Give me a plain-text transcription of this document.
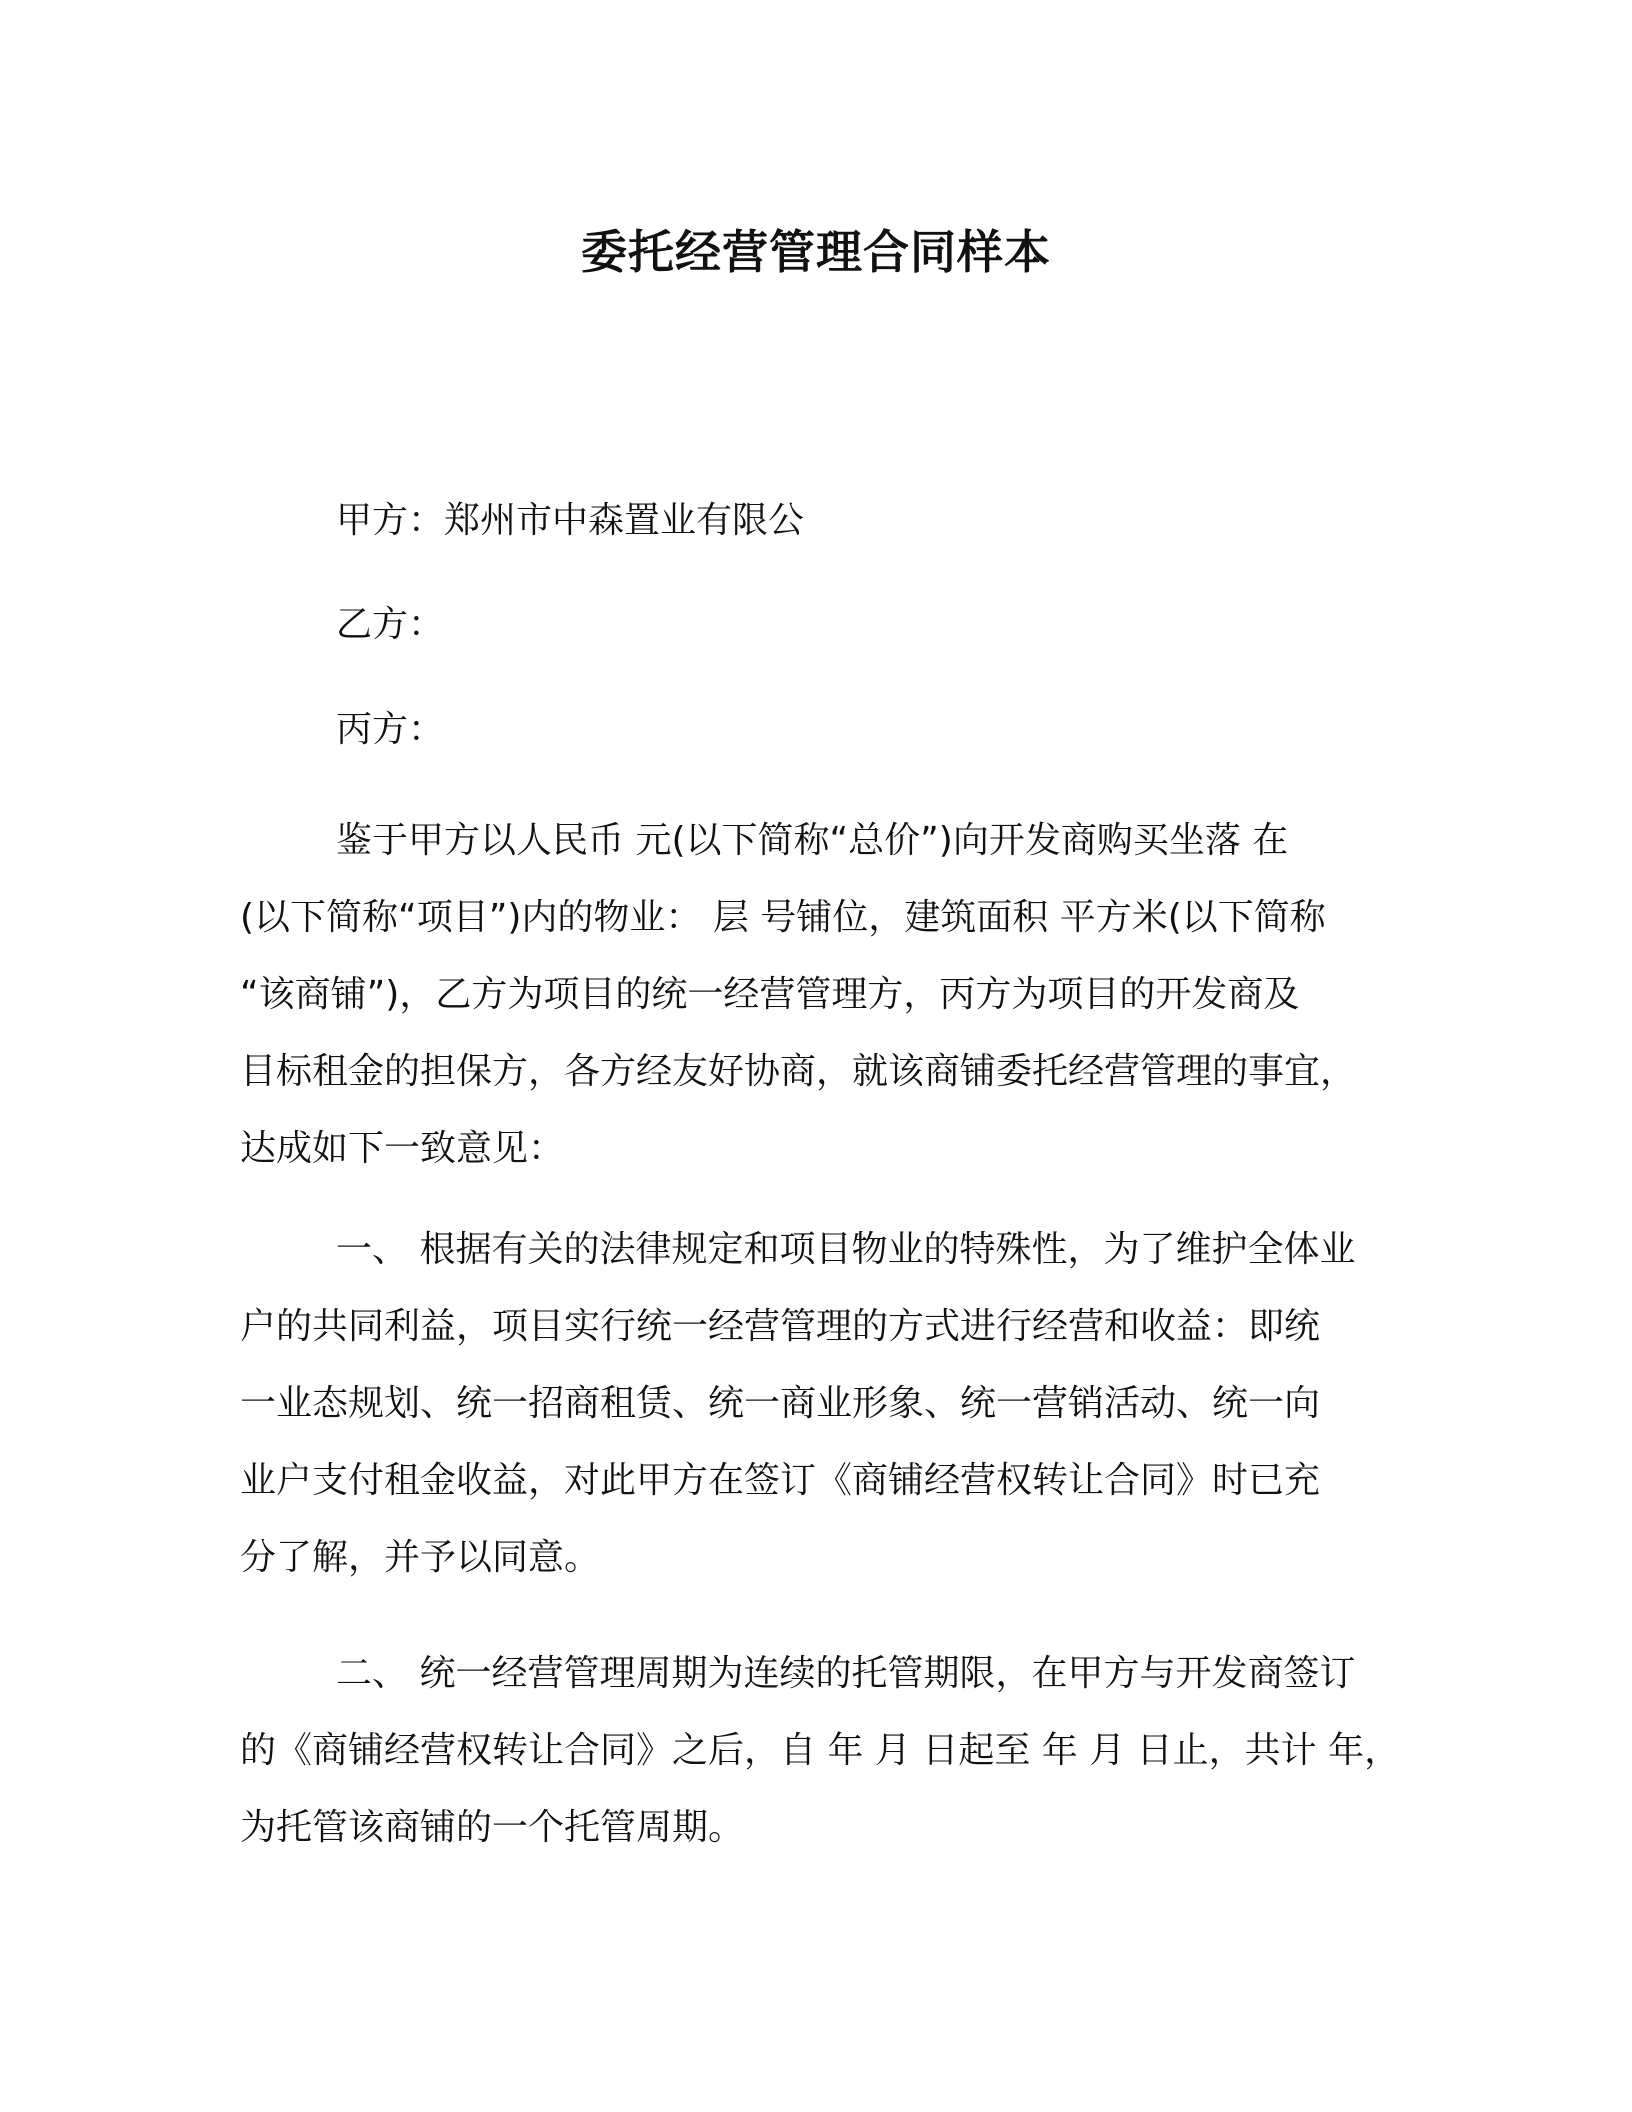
委托经营管理合同样本
甲方：郑州市中森置业有限公
乙方：
丙方：
鉴于甲方以人民币 元(以下简称“总价”)向开发商购买坐落 在
(以下简称“项目”)内的物业： 层 号铺位，建筑面积 平方米(以下简称
“该商铺”)，乙方为项目的统一经营管理方，丙方为项目的开发商及
目标租金的担保方，各方经友好协商，就该商铺委托经营管理的事宜，
达成如下一致意见：
一、 根据有关的法律规定和项目物业的特殊性，为了维护全体业
户的共同利益，项目实行统一经营管理的方式进行经营和收益：即统
一业态规划、统一招商租赁、统一商业形象、统一营销活动、统一向
业户支付租金收益，对此甲方在签订《商铺经营权转让合同》时已充
分了解，并予以同意。
二、 统一经营管理周期为连续的托管期限，在甲方与开发商签订
的《商铺经营权转让合同》之后，自 年 月 日起至 年 月 日止，共计 年，
为托管该商铺的一个托管周期。
